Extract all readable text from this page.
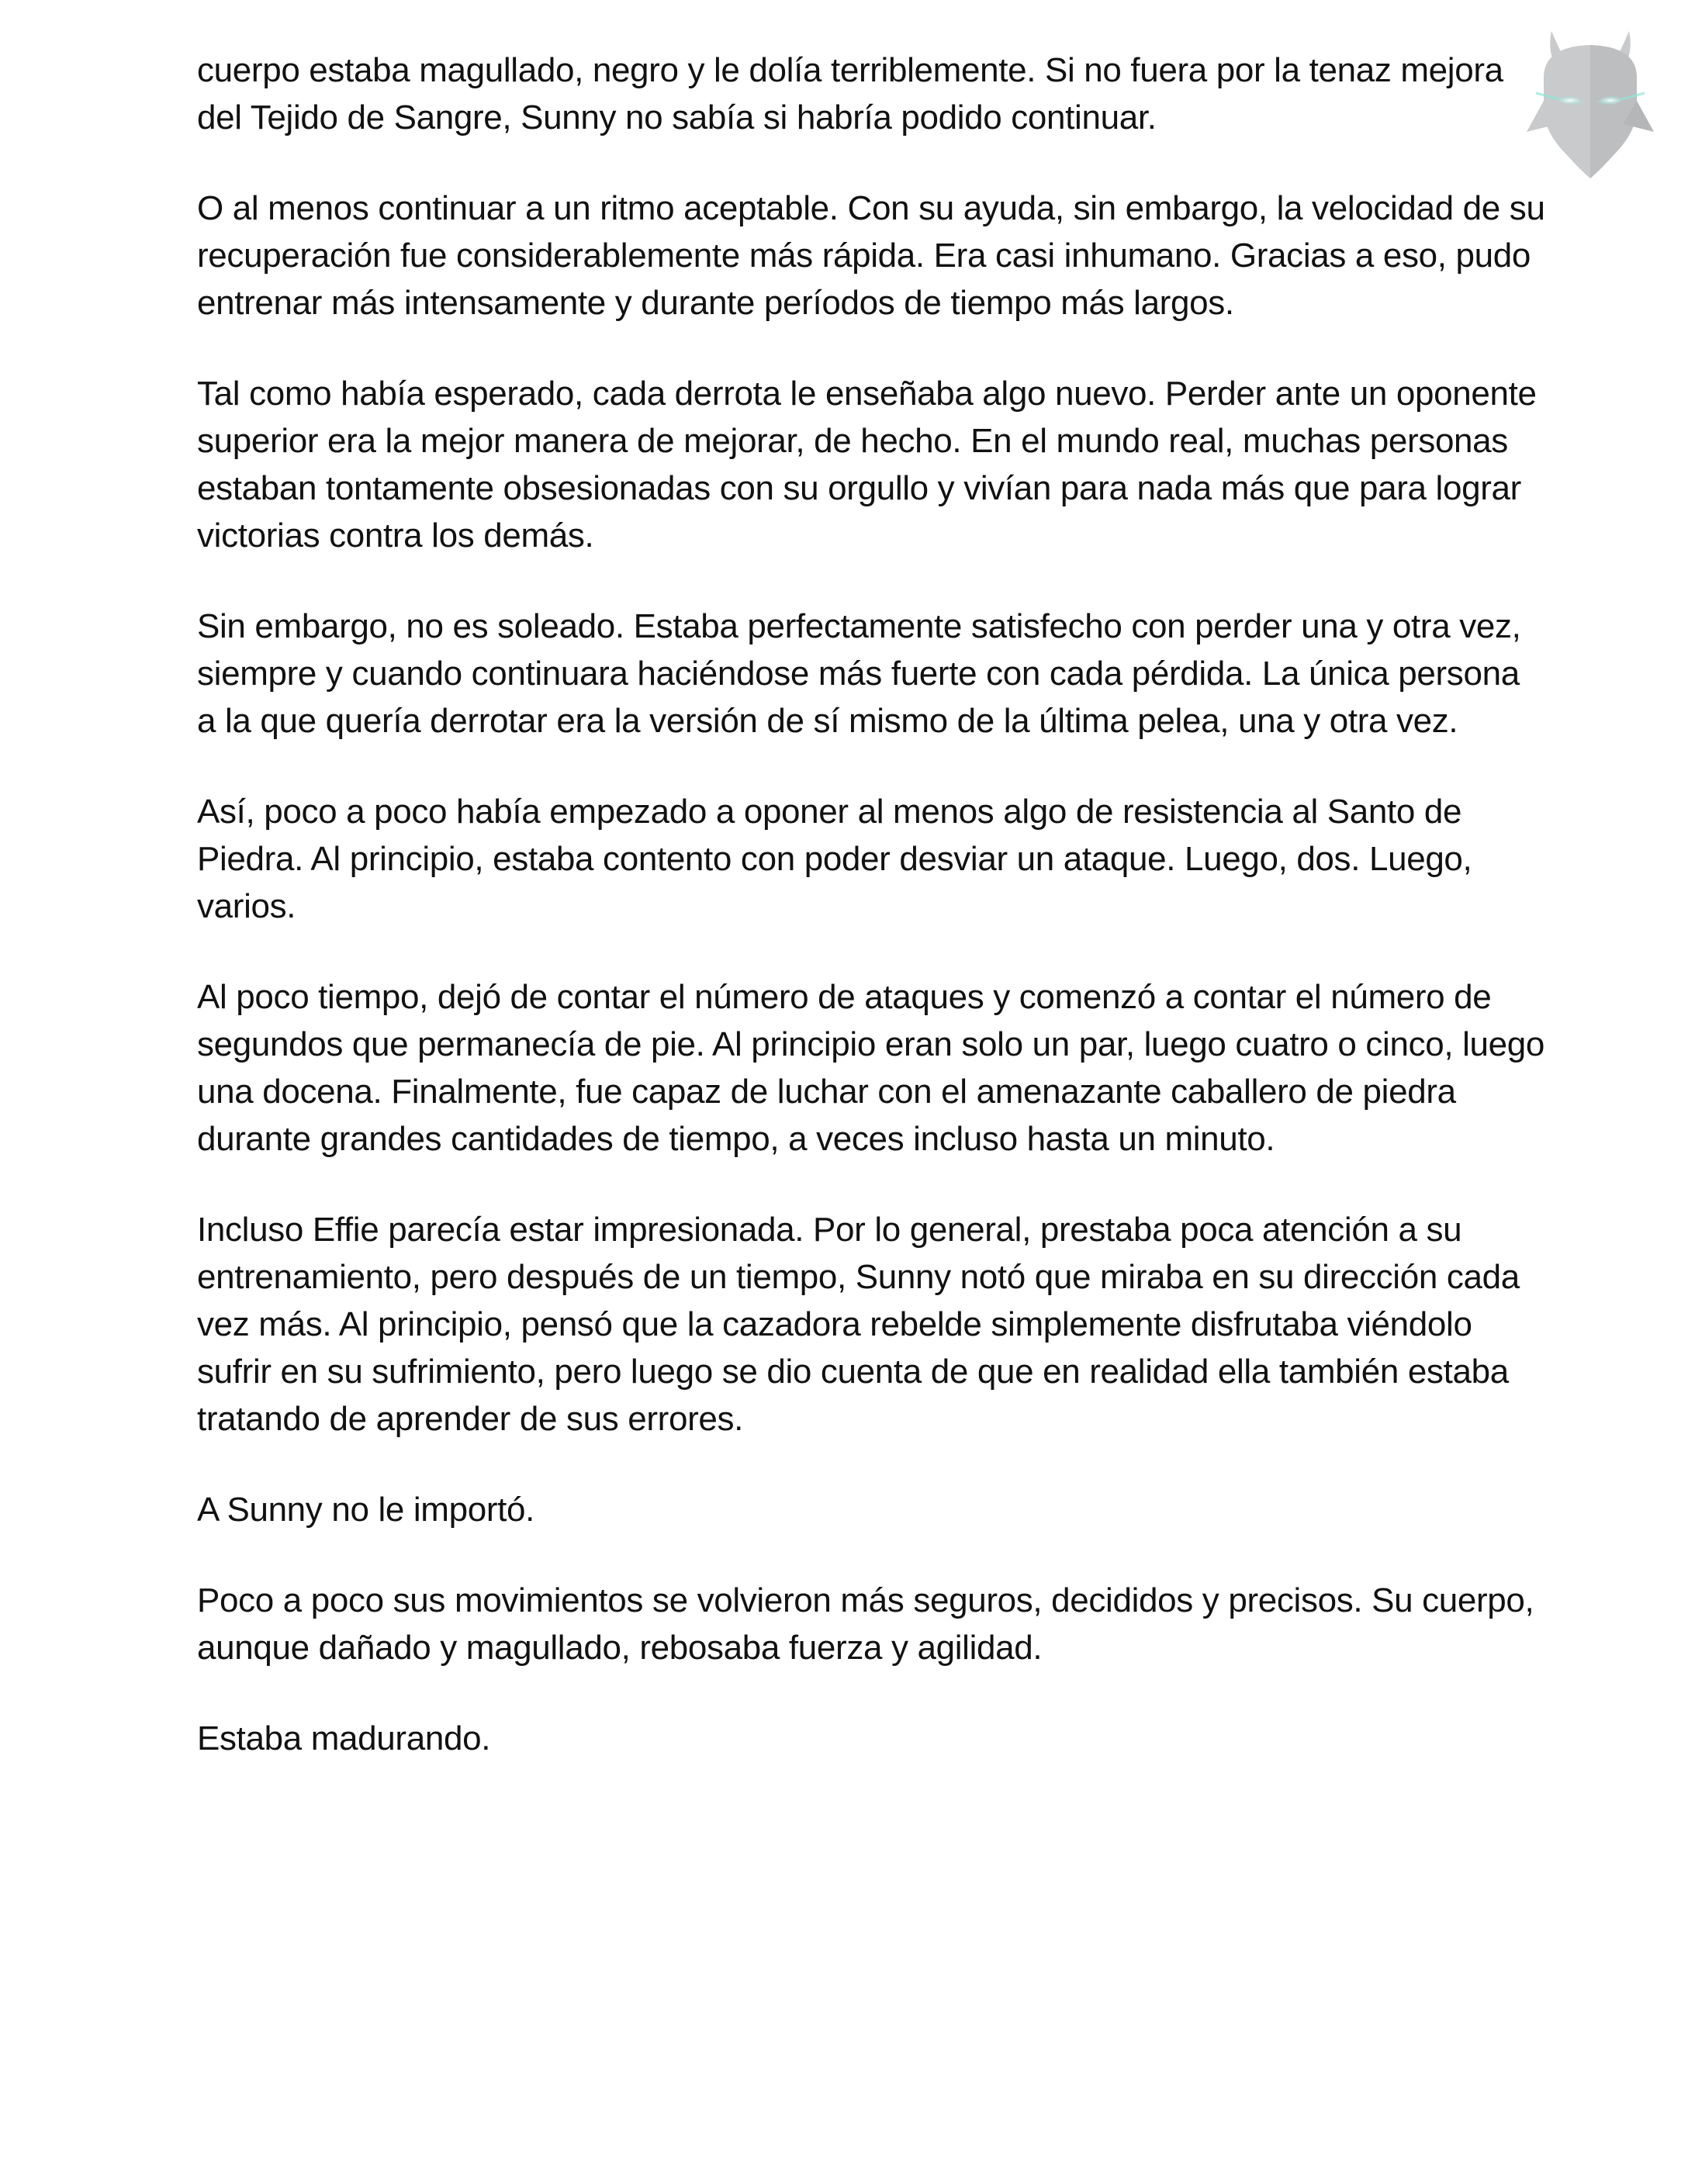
cuerpo estaba magullado, negro y le dolía terriblemente. Si no fuera por la tenaz mejora del Tejido de Sangre, Sunny no sabía si habría podido continuar.

O al menos continuar a un ritmo aceptable. Con su ayuda, sin embargo, la velocidad de su recuperación fue considerablemente más rápida. Era casi inhumano. Gracias a eso, pudo entrenar más intensamente y durante períodos de tiempo más largos.

Tal como había esperado, cada derrota le enseñaba algo nuevo. Perder ante un oponente superior era la mejor manera de mejorar, de hecho. En el mundo real, muchas personas estaban tontamente obsesionadas con su orgullo y vivían para nada más que para lograr victorias contra los demás.

Sin embargo, no es soleado. Estaba perfectamente satisfecho con perder una y otra vez, siempre y cuando continuara haciéndose más fuerte con cada pérdida. La única persona a la que quería derrotar era la versión de sí mismo de la última pelea, una y otra vez.

Así, poco a poco había empezado a oponer al menos algo de resistencia al Santo de Piedra. Al principio, estaba contento con poder desviar un ataque. Luego, dos. Luego, varios.

Al poco tiempo, dejó de contar el número de ataques y comenzó a contar el número de segundos que permanecía de pie. Al principio eran solo un par, luego cuatro o cinco, luego una docena. Finalmente, fue capaz de luchar con el amenazante caballero de piedra durante grandes cantidades de tiempo, a veces incluso hasta un minuto.

Incluso Effie parecía estar impresionada. Por lo general, prestaba poca atención a su entrenamiento, pero después de un tiempo, Sunny notó que miraba en su dirección cada vez más. Al principio, pensó que la cazadora rebelde simplemente disfrutaba viéndolo sufrir en su sufrimiento, pero luego se dio cuenta de que en realidad ella también estaba tratando de aprender de sus errores.

A Sunny no le importó.

Poco a poco sus movimientos se volvieron más seguros, decididos y precisos. Su cuerpo, aunque dañado y magullado, rebosaba fuerza y agilidad.

Estaba madurando.
